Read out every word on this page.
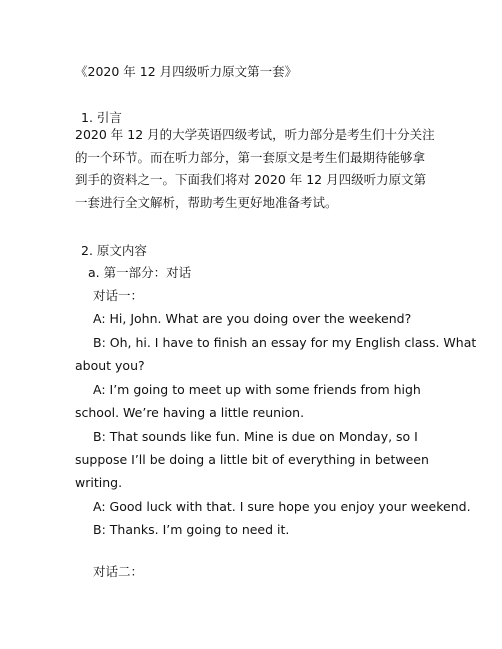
《2020 年 12 月四级听力原文第一套》
1. 引言
2020 年 12 月的大学英语四级考试，听力部分是考生们十分关注的一个环节。而在听力部分，第一套原文是考生们最期待能够拿到手的资料之一。下面我们将对 2020 年 12 月四级听力原文第一套进行全文解析，帮助考生更好地准备考试。
2. 原文内容
a. 第一部分：对话
对话一：
A: Hi, John. What are you doing over the weekend?
B: Oh, hi. I have to finish an essay for my English class. What
about you?
A: I’m going to meet up with some friends from high
school. We’re having a little reunion.
B: That sounds like fun. Mine is due on Monday, so I
suppose I’ll be doing a little bit of everything in between
writing.
A: Good luck with that. I sure hope you enjoy your weekend.
B: Thanks. I’m going to need it.
对话二：
